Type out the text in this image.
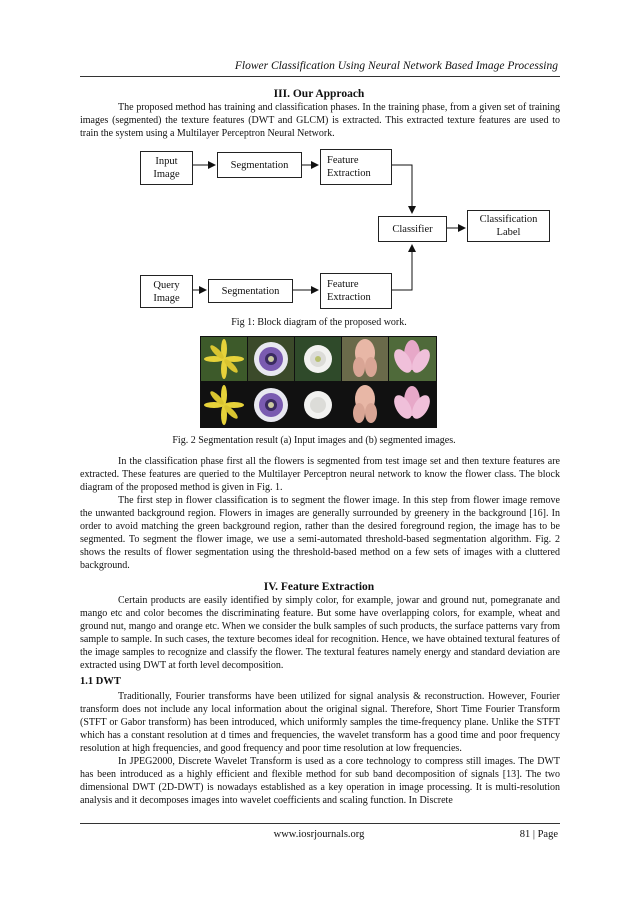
Flower Classification Using Neural Network Based Image Processing
III. Our Approach

The proposed method has training and classification phases. In the training phase, from a given set of training images (segmented) the texture features (DWT and GLCM) is extracted. This extracted texture features are used to train the system using a Multilayer Perceptron Neural Network.

Input Image
Segmentation	Feature Extraction
Classifier
Classification Label
Query Image
Segmentation
Feature Extraction
Fig 1: Block diagram of the proposed work.
Fig. 2 Segmentation result (a) Input images and (b) segmented images.

In the classification phase first all the flowers is segmented from test image set and then texture features are extracted. These features are queried to the Multilayer Perceptron neural network to know the flower class. The block diagram of the proposed method is given in Fig. 1.

The first step in flower classification is to segment the flower image. In this step from flower image remove the unwanted background region. Flowers in images are generally surrounded by greenery in the background [16]. In order to avoid matching the green background region, rather than the desired foreground region, the image has to be segmented. To segment the flower image, we use a semi-automated threshold-based segmentation algorithm. Fig. 2 shows the results of flower segmentation using the threshold-based method on a few sets of images with a cluttered background.

IV. Feature Extraction

Certain products are easily identified by simply color, for example, jowar and ground nut, pomegranate and mango etc and color becomes the discriminating feature. But some have overlapping colors, for example, wheat and ground nut, mango and orange etc. When we consider the bulk samples of such products, the surface patterns vary from sample to sample. In such cases, the texture becomes ideal for recognition. Hence, we have obtained textural features of the image samples to recognize and classify the flower. The textural features namely energy and standard deviation are extracted using DWT at forth level decomposition.

1.1 DWT

Traditionally, Fourier transforms have been utilized for signal analysis & reconstruction. However, Fourier transform does not include any local information about the original signal. Therefore, Short Time Fourier Transform (STFT or Gabor transform) has been introduced, which uniformly samples the time-frequency plane. Unlike the STFT which has a constant resolution at d times and frequencies, the wavelet transform has a good time and poor frequency resolution at high frequencies, and good frequency and poor time resolution at low frequencies.

In JPEG2000, Discrete Wavelet Transform is used as a core technology to compress still images. The DWT has been introduced as a highly efficient and flexible method for sub band decomposition of signals [13]. The two dimensional DWT (2D-DWT) is nowadays established as a key operation in image processing. It is multi-resolution analysis and it decomposes images into wavelet coefficients and scaling function. In Discrete

www.iosrjournals.org	81 | Page
